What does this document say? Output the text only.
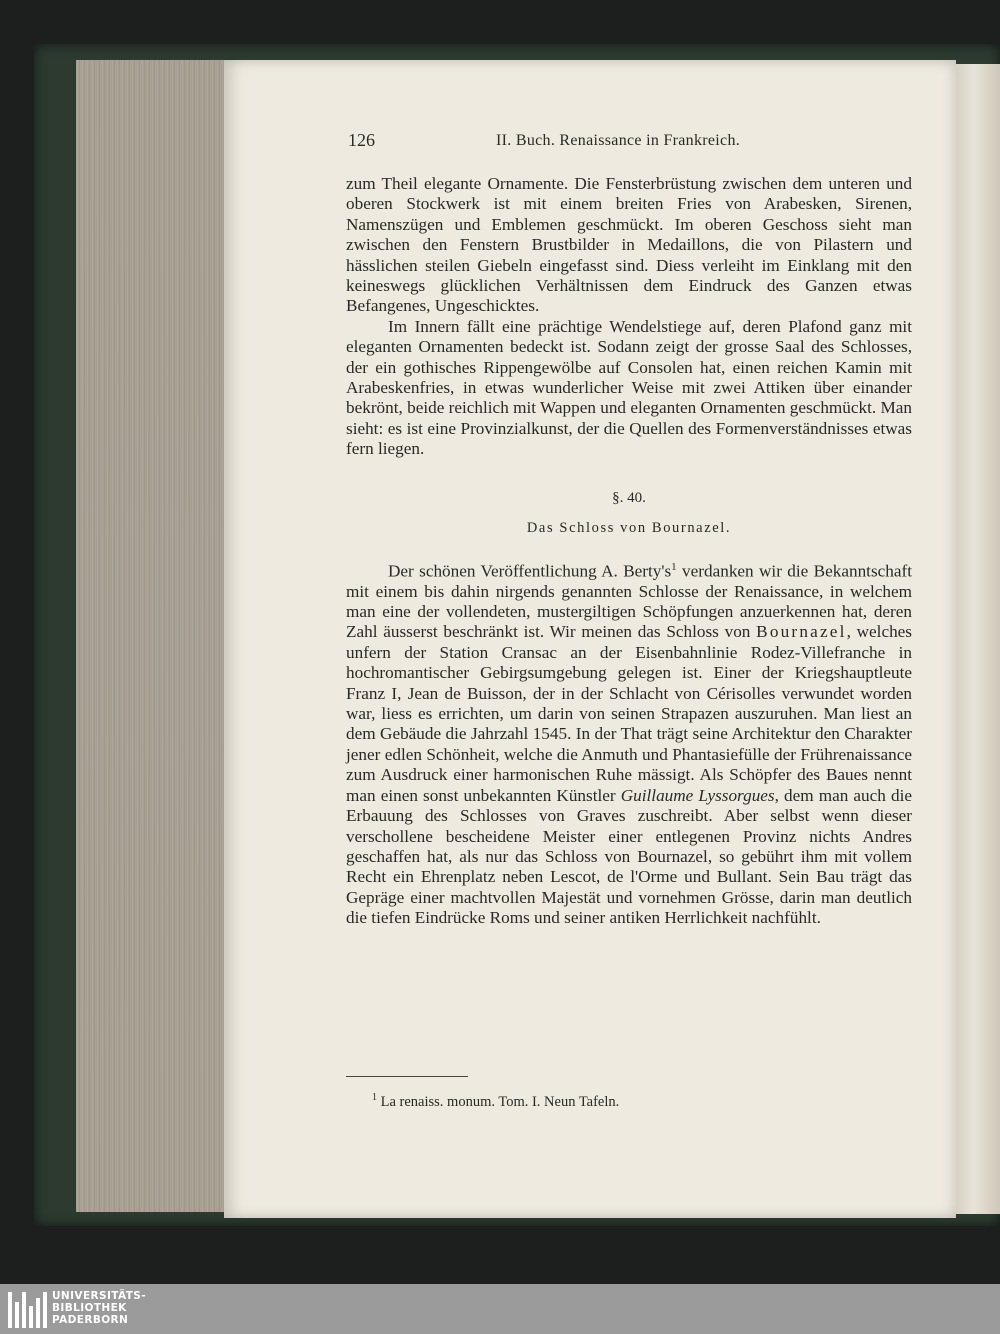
126	II. Buch. Renaissance in Frankreich.

zum Theil elegante Ornamente. Die Fensterbrüstung zwischen dem unteren und oberen Stockwerk ist mit einem breiten Fries von Arabesken, Sirenen, Namenszügen und Emblemen geschmückt. Im oberen Geschoss sieht man zwischen den Fenstern Brustbilder in Medaillons, die von Pilastern und hässlichen steilen Giebeln eingefasst sind. Diess verleiht im Einklang mit den keineswegs glücklichen Verhältnissen dem Eindruck des Ganzen etwas Befangenes, Ungeschicktes.

Im Innern fällt eine prächtige Wendelstiege auf, deren Plafond ganz mit eleganten Ornamenten bedeckt ist. Sodann zeigt der grosse Saal des Schlosses, der ein gothisches Rippengewölbe auf Consolen hat, einen reichen Kamin mit Arabeskenfries, in etwas wunderlicher Weise mit zwei Attiken über einander bekrönt, beide reichlich mit Wappen und eleganten Ornamenten geschmückt. Man sieht: es ist eine Provinzialkunst, der die Quellen des Formenverständnisses etwas fern liegen.

§. 40.
Das Schloss von Bournazel.

Der schönen Veröffentlichung A. $Berty's^1$ verdanken wir die Bekanntschaft mit einem bis dahin nirgends genannten Schlosse der Renaissance, in welchem man eine der vollendeten, mustergiltigen Schöpfungen anzuerkennen hat, deren Zahl äusserst beschränkt ist. Wir meinen das Schloss von Bournazel, welches unfern der Station Cransac an der Eisenbahnlinie Rodez-Villefranche in hochromantischer Gebirgsumgebung gelegen ist. Einer der Kriegshauptleute Franz I, Jean de Buisson, der in der Schlacht von Cérisolles verwundet worden war, liess es errichten, um darin von seinen Strapazen auszuruhen. Man liest an dem Gebäude die Jahrzahl 1545. In der That trägt seine Architektur den Charakter jener edlen Schönheit, welche die Anmuth und Phantasiefülle der Frührenaissance zum Ausdruck einer harmonischen Ruhe mässigt. Als Schöpfer des Baues nennt man einen sonst unbekannten Künstler Guillaume Lyssorgues, dem man auch die Erbauung des Schlosses von Graves zuschreibt. Aber selbst wenn dieser verschollene bescheidene Meister einer entlegenen Provinz nichts Andres geschaffen hat, als nur das Schloss von Bournazel, so gebührt ihm mit vollem Recht ein Ehrenplatz neben Lescot, de l'Orme und Bullant. Sein Bau trägt das Gepräge einer machtvollen Majestät und vornehmen Grösse, darin man deutlich die tiefen Eindrücke Roms und seiner antiken Herrlichkeit nachfühlt.

$^1$ La renaiss. monum. Tom. I. Neun Tafeln.
UNIVERSITÄTS-
BIBLIOTHEK
PADERBORN
